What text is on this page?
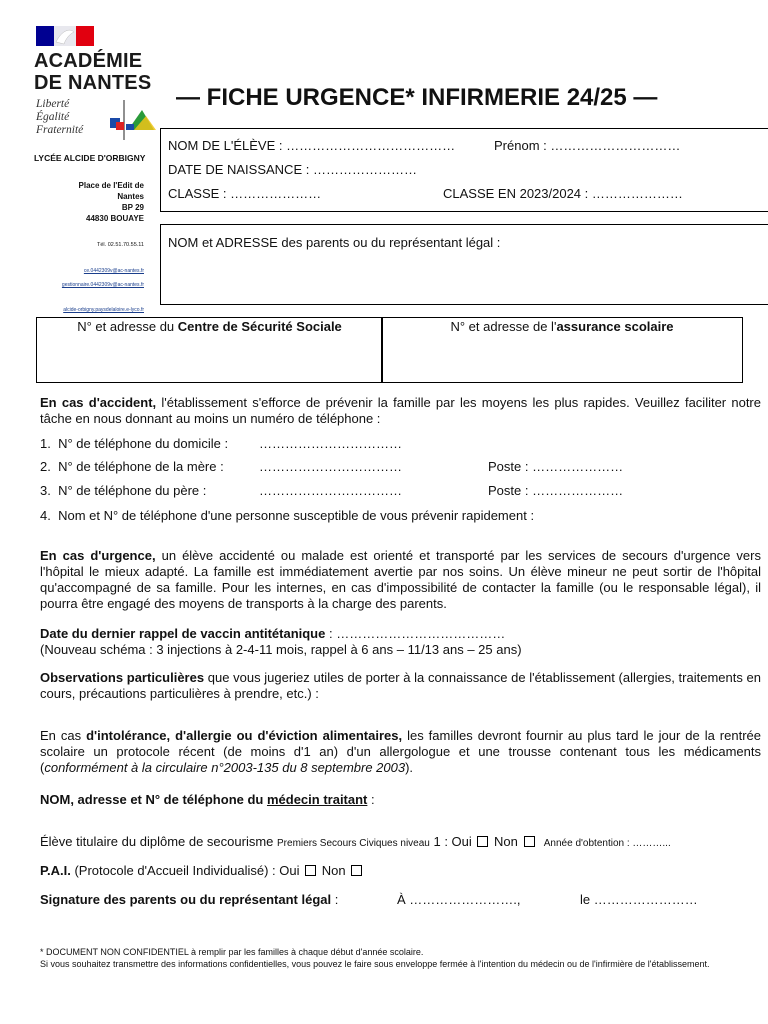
ACADÉMIE
DE NANTES
Liberté
Égalité
Fraternité
LYCÉE ALCIDE D'ORBIGNY
Place de l'Edit de
Nantes
BP 29
44830 BOUAYE
Tél. 02.51.70.55.11
ce.0442309v@ac-nantes.fr
gestionnaire.0442309v@ac-nantes.fr
alcide-orbigny.paysdelaloire.e-lyco.fr
— FICHE URGENCE* INFIRMERIE 24/25 —
NOM DE L'ÉLÈVE : …………………………………	Prénom : …………………………
DATE DE NAISSANCE : ……………………
CLASSE : …………………	CLASSE EN 2023/2024 : …………………
NOM et ADRESSE des parents ou du représentant légal :
N° et adresse du Centre de Sécurité Sociale	N° et adresse de l'assurance scolaire
En cas d'accident, l'établissement s'efforce de prévenir la famille par les moyens les plus rapides. Veuillez faciliter notre tâche en nous donnant au moins un numéro de téléphone :
1. N° de téléphone du domicile : ……………………………
2. N° de téléphone de la mère :	……………………………	Poste : …………………
3. N° de téléphone du père :	……………………………	Poste : …………………
4. Nom et N° de téléphone d'une personne susceptible de vous prévenir rapidement :
En cas d'urgence, un élève accidenté ou malade est orienté et transporté par les services de secours d'urgence vers l'hôpital le mieux adapté. La famille est immédiatement avertie par nos soins. Un élève mineur ne peut sortir de l'hôpital qu'accompagné de sa famille. Pour les internes, en cas d'impossibilité de contacter la famille (ou le responsable légal), il pourra être engagé des moyens de transports à la charge des parents.
Date du dernier rappel de vaccin antitétanique : …………………………………
(Nouveau schéma : 3 injections à 2-4-11 mois, rappel à 6 ans – 11/13 ans – 25 ans)
Observations particulières que vous jugeriez utiles de porter à la connaissance de l'établissement (allergies, traitements en cours, précautions particulières à prendre, etc.) :
En cas d'intolérance, d'allergie ou d'éviction alimentaires, les familles devront fournir au plus tard le jour de la rentrée scolaire un protocole récent (de moins d'1 an) d'un allergologue et une trousse contenant tous les médicaments (conformément à la circulaire n°2003-135 du 8 septembre 2003).
NOM, adresse et N° de téléphone du médecin traitant :
Élève titulaire du diplôme de secourisme Premiers Secours Civiques niveau 1 : Oui Non	Année d'obtention : ………...
P.A.I. (Protocole d'Accueil Individualisé) : Oui Non
Signature des parents ou du représentant légal :	À …………………….,	le ……………………
* DOCUMENT NON CONFIDENTIEL à remplir par les familles à chaque début d'année scolaire.
Si vous souhaitez transmettre des informations confidentielles, vous pouvez le faire sous enveloppe fermée à l'intention du médecin ou de l'infirmière de l'établissement.
